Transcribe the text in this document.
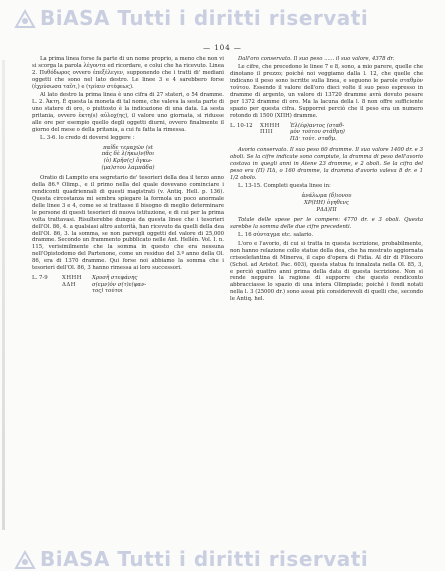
BiASA Tutti i diritti riservati
— 104 —

La prima linea forse fa parte di un nome proprio, a meno che non vi si scorga la parola λέγοντα ed ricordare, e colui che ha ricevuto. Linea 2. Πυθόδωρος ovvero ἐπεξέλεγεν, supponendo che i tratti di' mediani oggetti che sono nel lato destro. Le linee 3 e 4 sarebbero forse (ἐχρύσωσα ταῦτ,) e (τρίαιν στέφεως).

Al lato destro la prima linea è uno cifra di 27 stateri, o 54 dramme. L. 2. Ἀκτη. È questa la moneta di tal nome, che valeva la sesta parte di uno statere di oro, o piuttosto è la indicazione di una data. La sesta pritania, ovvero ἑκτη(s) αὐλοχ(ης), il valore uno giornata, si ridusse alle ore per esempio quello degli oggetti diurni, ovvero finalmente il giorno del mese o della pritania, a cui fu fatta la rimessa.

L. 3-6. lo credo di doversi leggere :

παῖδε τεμαχῶν (st
πᾶς δὲ λ(ήκω)ν(θοι
(ὁ) Κρῆσ(ς) ὄγκω-
(μα)στου λαμπάδα)

Oratio di Lampito era segretario de' tesorieri della dea il terzo anno della 86.ª Olimp., e il primo nella del quale dovevano cominciare i rendiconti quadriennali di questi magistrati (v. Antiq. Hell. p. 136). Questa circostanza mi sembra spiegare la formola un poco anormale delle linee 3 e 4, come se si trattasse il bisogno di meglio determinare le persone di questi tesorieri di nuova istituzione, e di cui per la prima volta trattavasi. Risulterebbe dunque da questa linee che i tesorieri dell'Ol. 86, 4. a qualsiasi altro autorità, han ricevuto da quelli della dea dell'Ol. 86, 3. la somma, se non parvegli oggetti del valore di 25,000 dramme. Secondo un frammento pubblicato nelle Ant. Hellén. Vol. I. n. 115, verisimilmente che la somma in questo che era nessuna nell'Opistodomo del Partenone, come un residuo del 3.º anno della Ol. 86, era di 1370 dramme. Qui forse noi abbiamo la somma che i tesorieri dell'Ol. 86, 3 hanno rimessa ai loro successori.

L. 7-9	XHHH
ΔΔΗ
Χρυσῆ στεφάνης
σ(εμν)ὸν σ(τ)ε(φαν-
τος) τούτοι

Dall'oro conservato. Il suo peso ...... il suo valore, 4378 dr.

Le cifre, che precedono le linee 7 e 8, sono, a mio parere, quelle che dinotano il prezzo; poiché noi veggiamo dalla l. 12, che quelle che indicano il peso sono iscritte sulla linea, e seguono le parole σταθμὸν τούτου. Essendo il valore dell'oro dieci volte il suo peso espresso in dramme di argento, un valore di 13720 dramme avrà dovuto pesare per 1372 dramme di oro. Ma la lacuna della l. 8 non offre sufficiente spazio per questa cifra. Supporrei perciò che il peso era un numero rotondo di 1500 (ΧΠΗ) dramme.

L. 10-12 XHHH
ΠΙΙΙ
Ἐλ(έφ)αντος (σταθ-
μὸν τούτου στάθμη)
ΠΔ· τούτ. σταθμ.

Avorio conservato. Il suo peso 60 dramme. Il suo valore 1400 dr. e 3 oboli. Se la cifre indicate sono compiute, la dramma di peso dell'avorio costava in quegli anni in Atene 23 dramme, e 2 oboli. Se la cifra del peso era (Π) ΠΔ, o 160 dramme, la dramma d'avorio valeva 8 dr. e 1 1/2 obolo.

L. 13-15. Completi questa linee in:

ἀνάλωμα (δ)ιονου
ΧΡ(ΗΗ) ὀγηθενς
ΡΔΔ)ΠΙ

Totale delle spese per le compere: 4770 dr. e 3 oboli. Questa sarebbe la somma delle due cifre precedenti.

L. 16 σύνταγμα etc. salario.

L'oro e l'avorio, di cui si tratta in questa iscrizione, probabilmente, non hanno relazione collo statue della dea, che ha mostrato aggiornata crisoelefantina di Minerva, il capo d'opera di Fidia. Al dir di Filocoro (Schol. ad Aristof. Pac. 603), questa statua fu innalzata nella Ol. 85, 3, e perciò quattro anni prima della data di questa iscrizione. Non si rende neppure la ragione di supporre che questo rendiconto abbracciasse lo spazio di una intera Olimpiade; poiché i fondi notati nella l. 3 (25000 dr.) sono assai più considerevoli di quelli che, secondo le Antiq. hel.

BiASA Tutti i diritti riservati
